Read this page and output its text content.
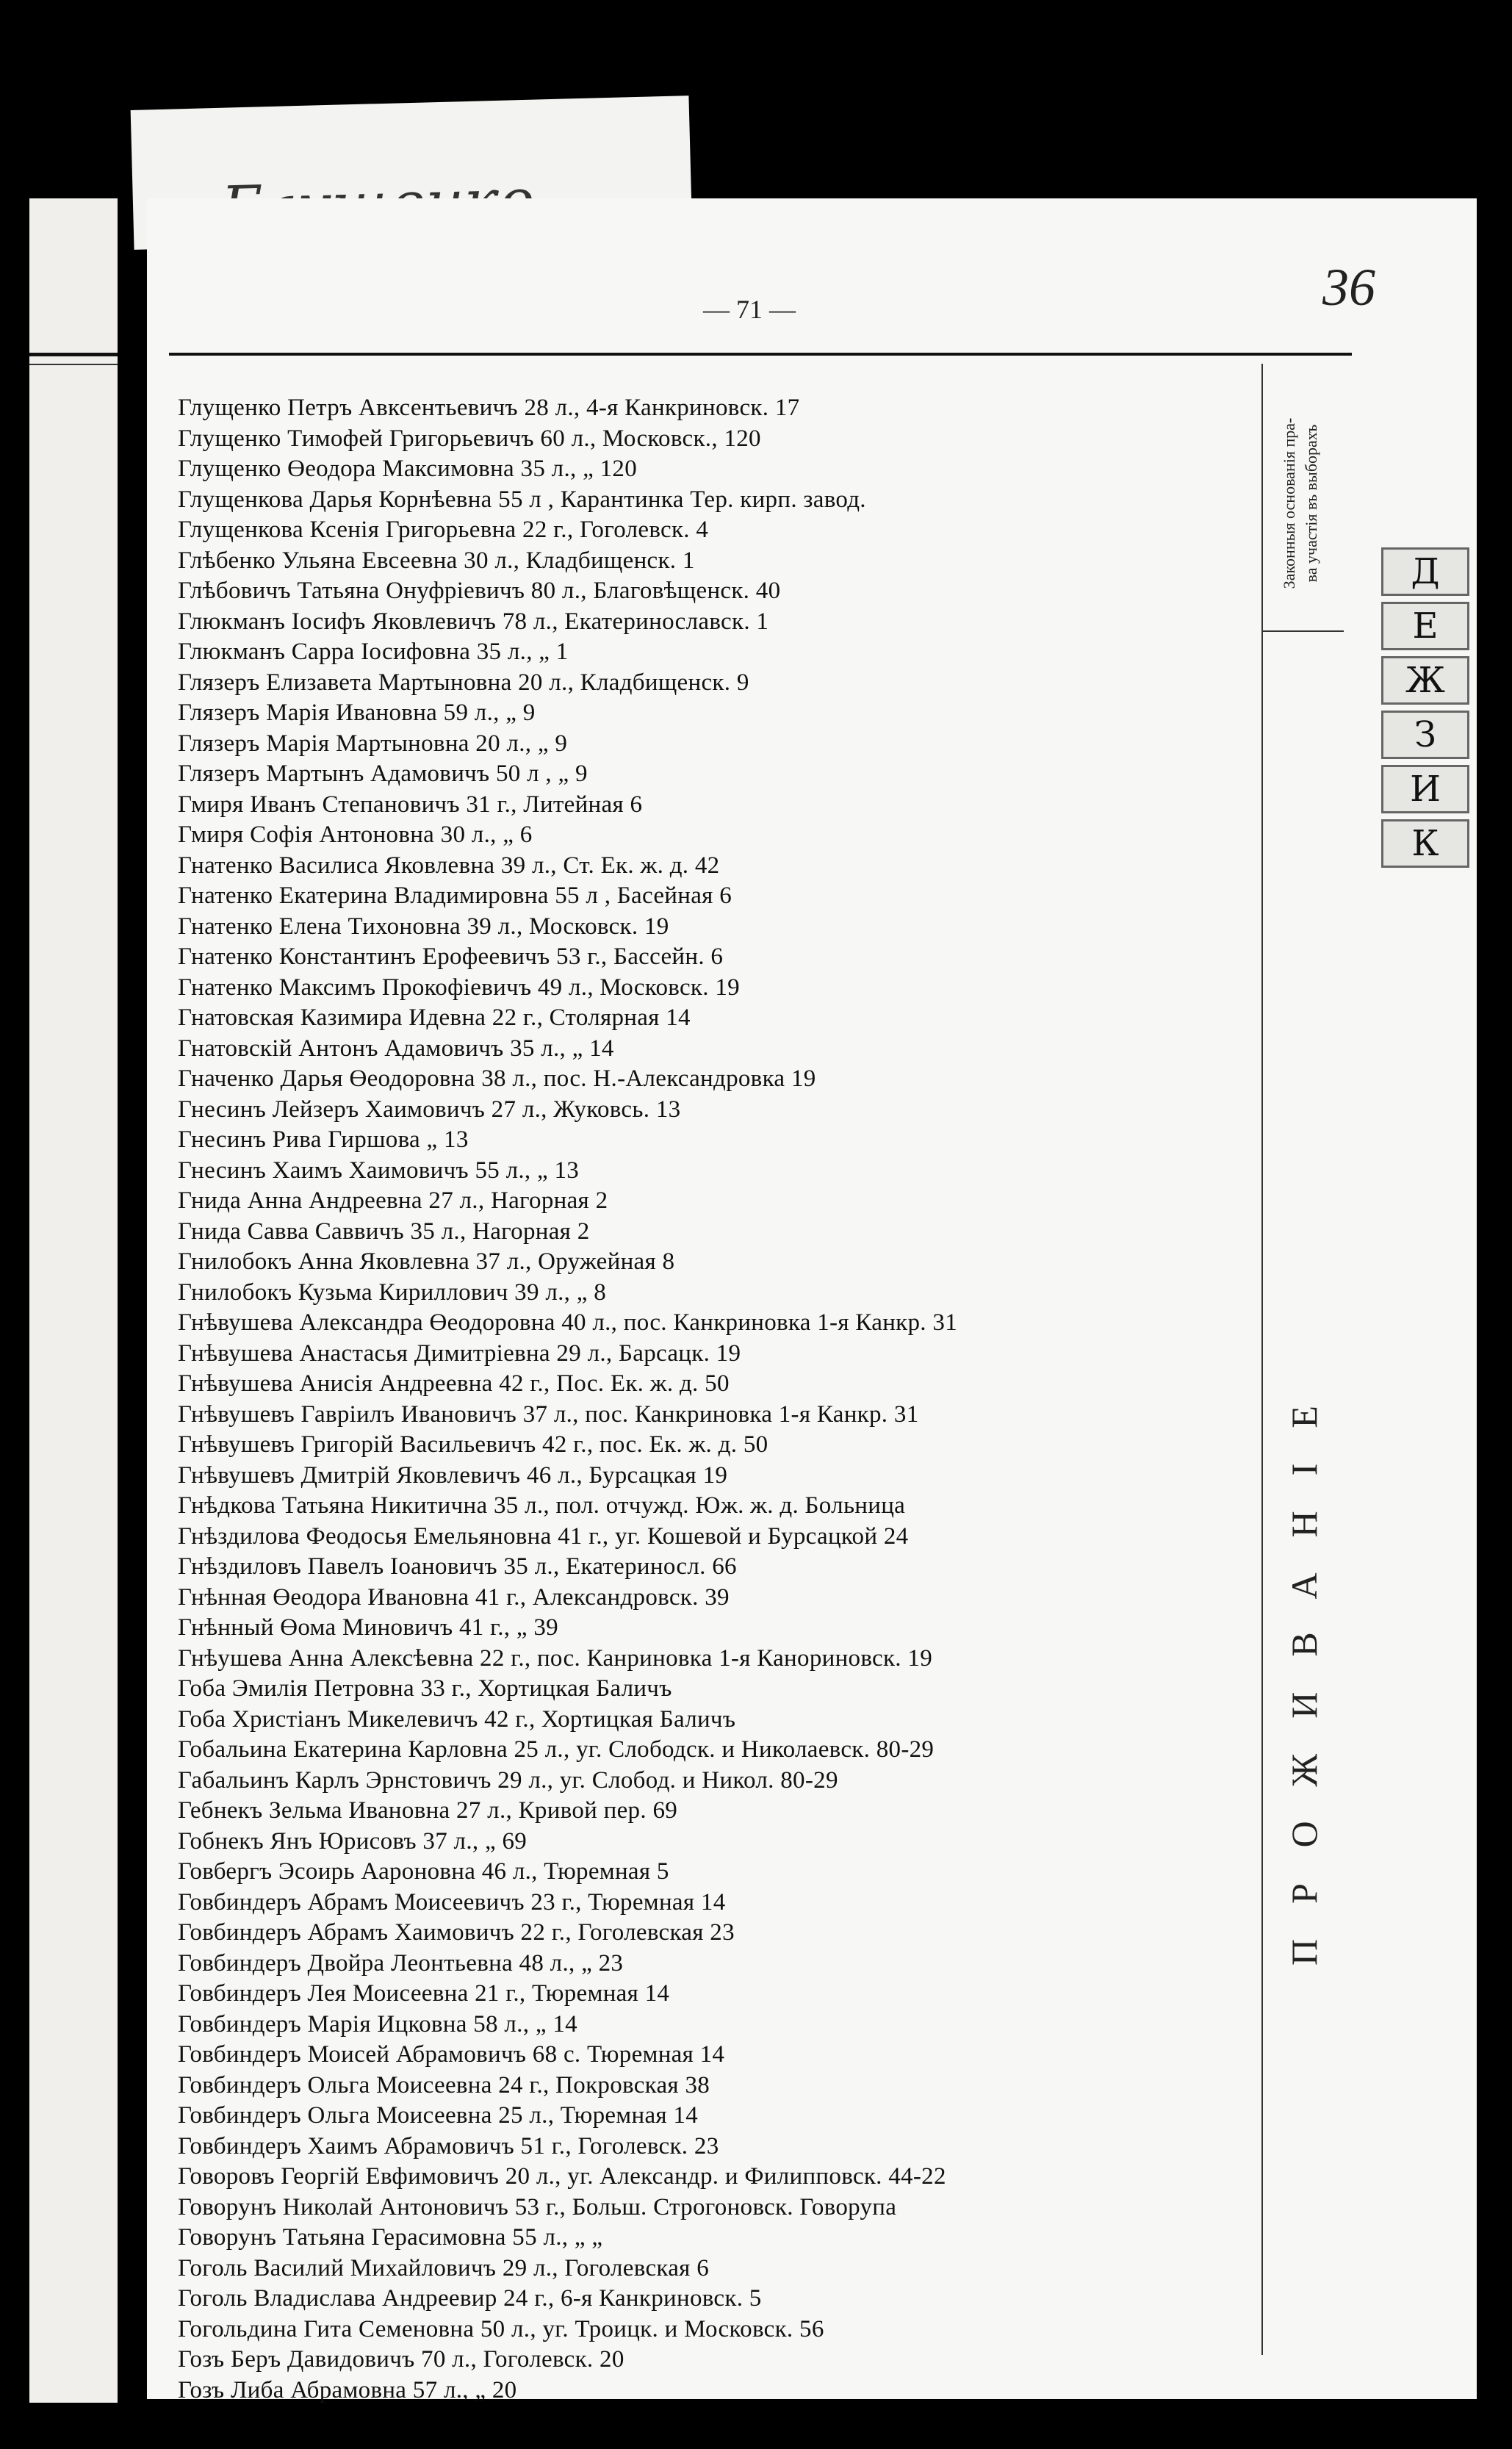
— 71 —	36
Глущенко Петръ Авксентьевичъ 28 л., 4-я Канкриновск. 17
Глущенко Тимофей Григорьевичъ 60 л., Московск., 120
Глущенко Өеодора Максимовна 35 л., „ 120
Глущенкова Дарья Корнѣевна 55 л , Карантинка Тер. кирп. завод.
Глущенкова Ксенія Григорьевна 22 г., Гоголевск. 4
Глѣбенко Ульяна Евсеевна 30 л., Кладбищенск. 1
Глѣбовичъ Татьяна Онуфріевичъ 80 л., Благовѣщенск. 40
Глюкманъ Іосифъ Яковлевичъ 78 л., Екатеринославск. 1
Глюкманъ Сарра Іосифовна 35 л., „ 1
Глязеръ Елизавета Мартыновна 20 л., Кладбищенск. 9
Глязеръ Марія Ивановна 59 л., „ 9
Глязеръ Марія Мартыновна 20 л., „ 9
Глязеръ Мартынъ Адамовичъ 50 л , „ 9
Гмиря Иванъ Степановичъ 31 г., Литейная 6
Гмиря Софія Антоновна 30 л., „ 6
Гнатенко Василиса Яковлевна 39 л., Ст. Ек. ж. д. 42
Гнатенко Екатерина Владимировна 55 л , Басейная 6
Гнатенко Елена Тихоновна 39 л., Московск. 19
Гнатенко Константинъ Ерофеевичъ 53 г., Бассейн. 6
Гнатенко Максимъ Прокофіевичъ 49 л., Московск. 19
Гнатовская Казимира Идевна 22 г., Столярная 14
Гнатовскій Антонъ Адамовичъ 35 л., „ 14
Гначенко Дарья Өеодоровна 38 л., пос. Н.-Александровка 19
Гнесинъ Лейзеръ Хаимовичъ 27 л., Жуковсь. 13
Гнесинъ Рива Гиршова „ 13
Гнесинъ Хаимъ Хаимовичъ 55 л., „ 13
Гнида Анна Андреевна 27 л., Нагорная 2
Гнида Савва Саввичъ 35 л., Нагорная 2
Гнилобокъ Анна Яковлевна 37 л., Оружейная 8
Гнилобокъ Кузьма Кириллович 39 л., „ 8
Гнѣвушева Александра Өеодоровна 40 л., пос. Канкриновка 1-я Канкр. 31
Гнѣвушева Анастасья Димитріевна 29 л., Барсацк. 19
Гнѣвушева Анисія Андреевна 42 г., Пос. Ек. ж. д. 50
Гнѣвушевъ Гавріилъ Ивановичъ 37 л., пос. Канкриновка 1-я Канкр. 31
Гнѣвушевъ Григорій Васильевичъ 42 г., пос. Ек. ж. д. 50
Гнѣвушевъ Дмитрій Яковлевичъ 46 л., Бурсацкая 19
Гнѣдкова Татьяна Никитична 35 л., пол. отчужд. Юж. ж. д. Больница
Гнѣздилова Феодосья Емельяновна 41 г., уг. Кошевой и Бурсацкой 24
Гнѣздиловъ Павелъ Іоановичъ 35 л., Екатериносл. 66
Гнѣнная Өеодора Ивановна 41 г., Александровск. 39
Гнѣнный Өома Миновичъ 41 г., „ 39
Гнѣушева Анна Алексѣевна 22 г., пос. Канриновка 1-я Канориновск. 19
Гоба Эмилія Петровна 33 г., Хортицкая Баличъ
Гоба Христіанъ Микелевичъ 42 г., Хортицкая Баличъ
Гобальина Екатерина Карловна 25 л., уг. Слободск. и Николаевск. 80-29
Габальинъ Карлъ Эрнстовичъ 29 л., уг. Слобод. и Никол. 80-29
Гебнекъ Зельма Ивановна 27 л., Кривой пер. 69
Гобнекъ Янъ Юрисовъ 37 л., „ 69
Говбергъ Эсоирь Аароновна 46 л., Тюремная 5
Говбиндеръ Абрамъ Моисеевичъ 23 г., Тюремная 14
Говбиндеръ Абрамъ Хаимовичъ 22 г., Гоголевская 23
Говбиндеръ Двойра Леонтьевна 48 л., „ 23
Говбиндеръ Лея Моисеевна 21 г., Тюремная 14
Говбиндеръ Марія Ицковна 58 л., „ 14
Говбиндеръ Моисей Абрамовичъ 68 с. Тюремная 14
Говбиндеръ Ольга Моисеевна 24 г., Покровская 38
Говбиндеръ Ольга Моисеевна 25 л., Тюремная 14
Говбиндеръ Хаимъ Абрамовичъ 51 г., Гоголевск. 23
Говоровъ Георгій Евфимовичъ 20 л., уг. Александр. и Филипповск. 44-22
Говорунъ Николай Антоновичъ 53 г., Больш. Строгоновск. Говорупа
Говорунъ Татьяна Герасимовна 55 л., „ „
Гоголь Василий Михайловичъ 29 л., Гоголевская 6
Гоголь Владислава Андреевир 24 г., 6-я Канкриновск. 5
Гогольдина Гита Семеновна 50 л., уг. Троицк. и Московск. 56
Гозъ Беръ Давидовичъ 70 л., Гоголевск. 20
Гозъ Либа Абрамовна 57 л., „ 20
Законныя основанія пра- ва участія въ выборахъ
ПРОЖИВАНІЕ
Д
Е
Ж
З
И
К
